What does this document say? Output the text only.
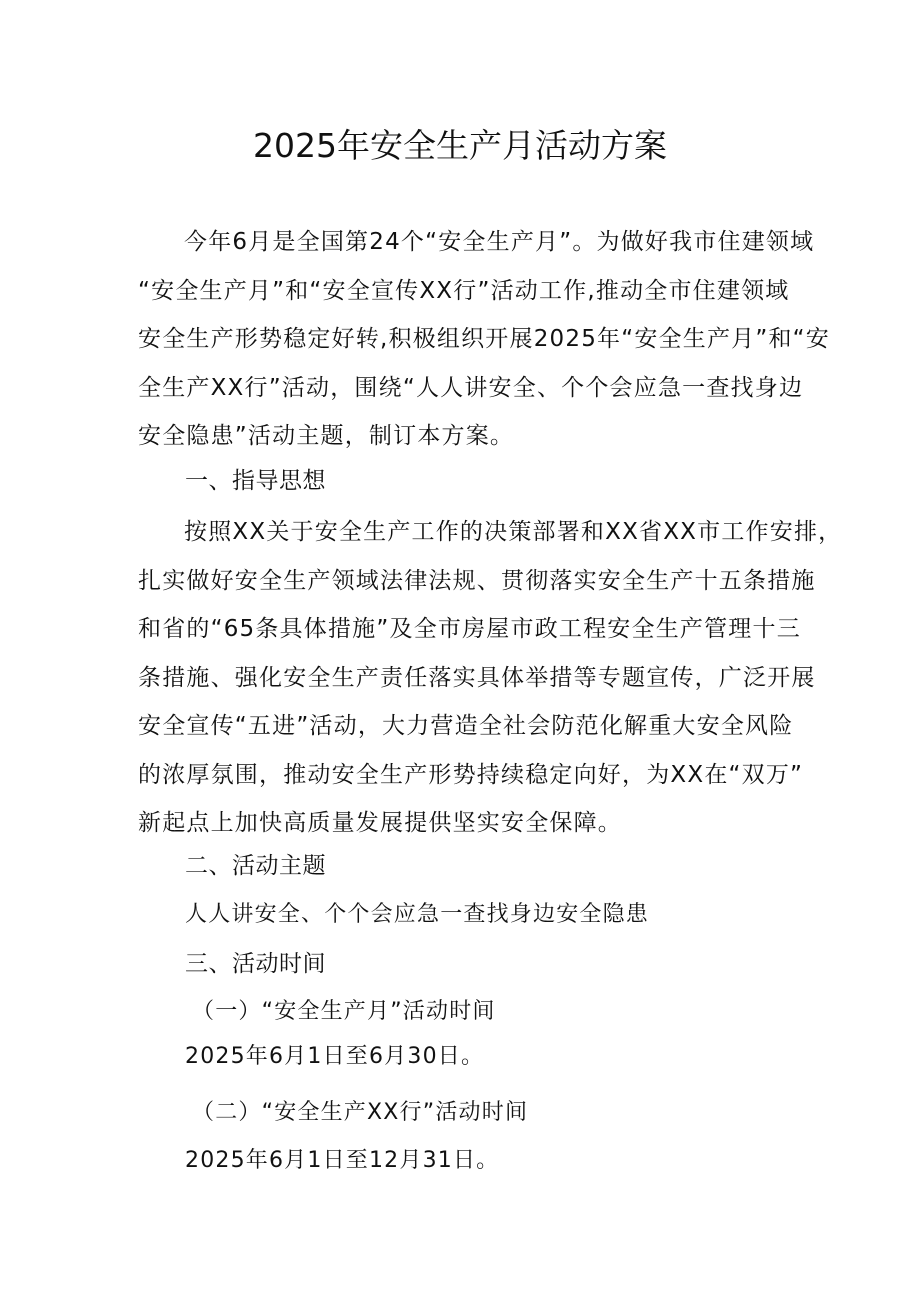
2025年安全生产月活动方案
今年6月是全国第24个“安全生产月”。为做好我市住建领域
“安全生产月”和“安全宣传XX行”活动工作,推动全市住建领域
安全生产形势稳定好转,积极组织开展2025年“安全生产月”和“安
全生产XX行”活动，围绕“人人讲安全、个个会应急一查找身边
安全隐患”活动主题，制订本方案。
一、指导思想
按照XX关于安全生产工作的决策部署和XX省XX市工作安排，
扎实做好安全生产领域法律法规、贯彻落实安全生产十五条措施
和省的“65条具体措施”及全市房屋市政工程安全生产管理十三
条措施、强化安全生产责任落实具体举措等专题宣传，广泛开展
安全宣传“五进”活动，大力营造全社会防范化解重大安全风险
的浓厚氛围，推动安全生产形势持续稳定向好，为XX在“双万”
新起点上加快高质量发展提供坚实安全保障。
二、活动主题

人人讲安全、个个会应急一查找身边安全隐患

三、活动时间

（一）“安全生产月”活动时间

2025年6月1日至6月30日。

（二）“安全生产XX行”活动时间

2025年6月1日至12月31日。
